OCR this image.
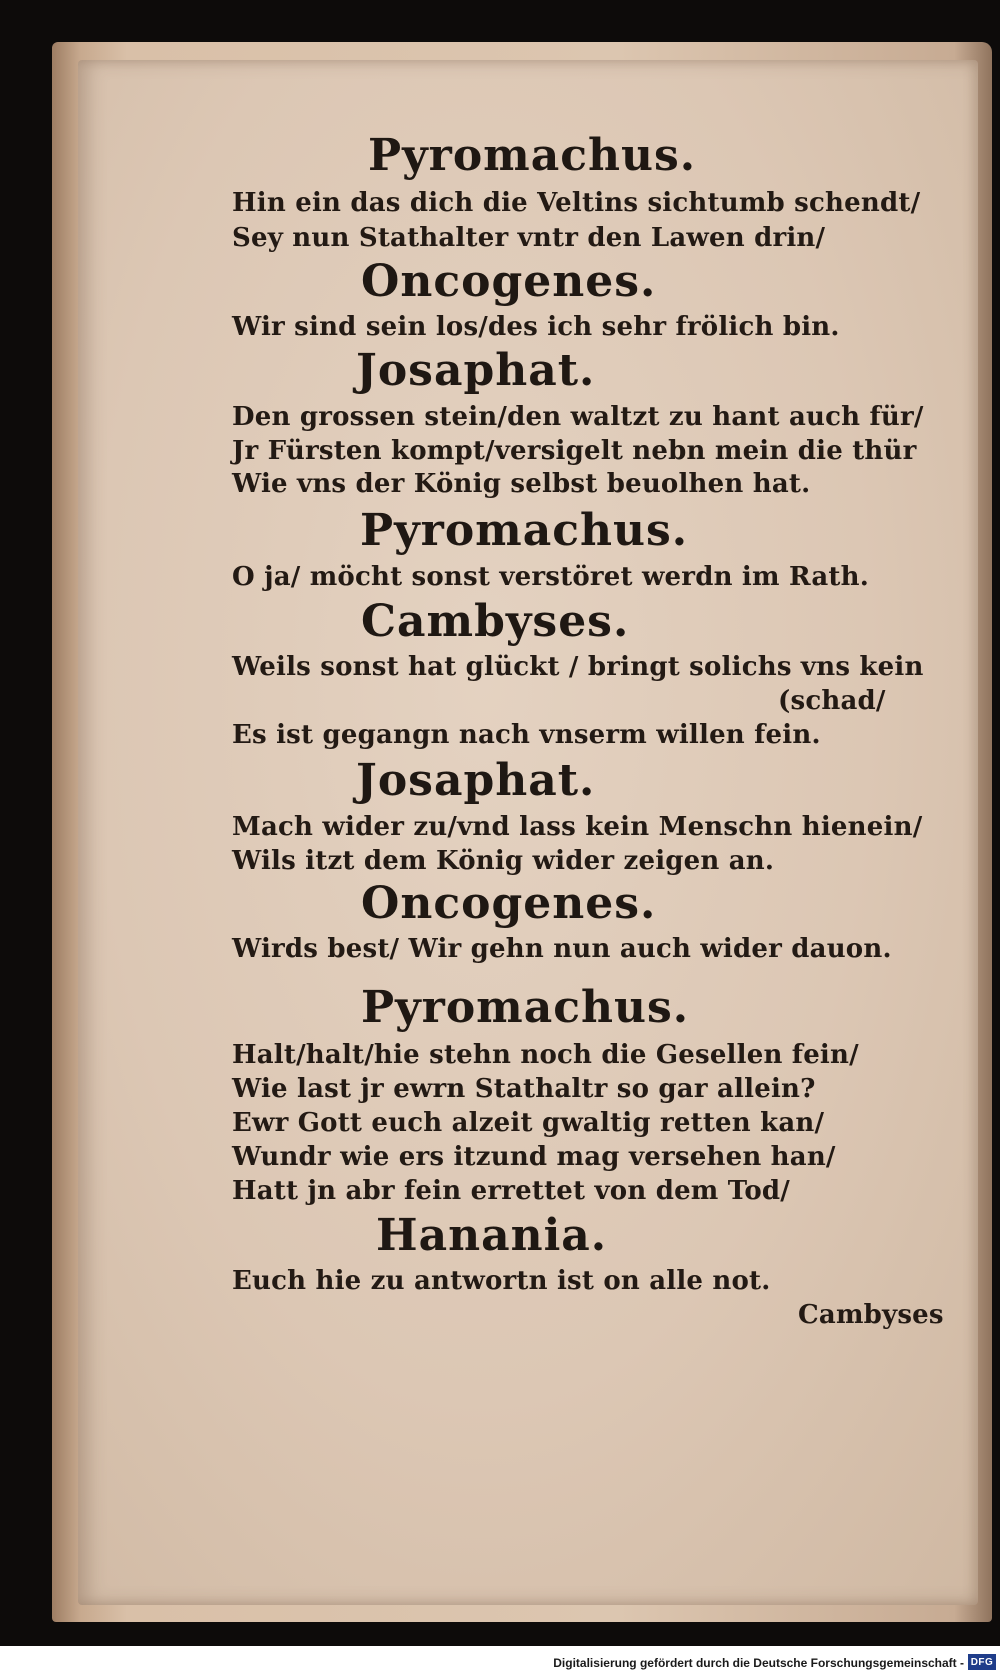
Pyromachus.
Hin ein das dich die Veltins sichtumb schendt/
Sey nun Stathalter vntr den Lawen drin/
Oncogenes.
Wir sind sein los/des ich sehr frölich bin.
Josaphat.
Den grossen stein/den waltzt zu hant auch für/
Jr Fürsten kompt/versigelt nebn mein die thür
Wie vns der König selbst beuolhen hat.
Pyromachus.
O ja/ möcht sonst verstöret werdn im Rath.
Cambyses.
Weils sonst hat glückt / bringt solichs vns kein
(schad/
Es ist gegangn nach vnserm willen fein.
Josaphat.
Mach wider zu/vnd lass kein Menschn hienein/
Wils itzt dem König wider zeigen an.
Oncogenes.
Wirds best/ Wir gehn nun auch wider dauon.
Pyromachus.
Halt/halt/hie stehn noch die Gesellen fein/
Wie last jr ewrn Stathaltr so gar allein?
Ewr Gott euch alzeit gwaltig retten kan/
Wundr wie ers itzund mag versehen han/
Hatt jn abr fein errettet von dem Tod/
Hanania.
Euch hie zu antwortn ist on alle not.
Cambyses
Digitalisierung gefördert durch die Deutsche Forschungsgemeinschaft - DFG
